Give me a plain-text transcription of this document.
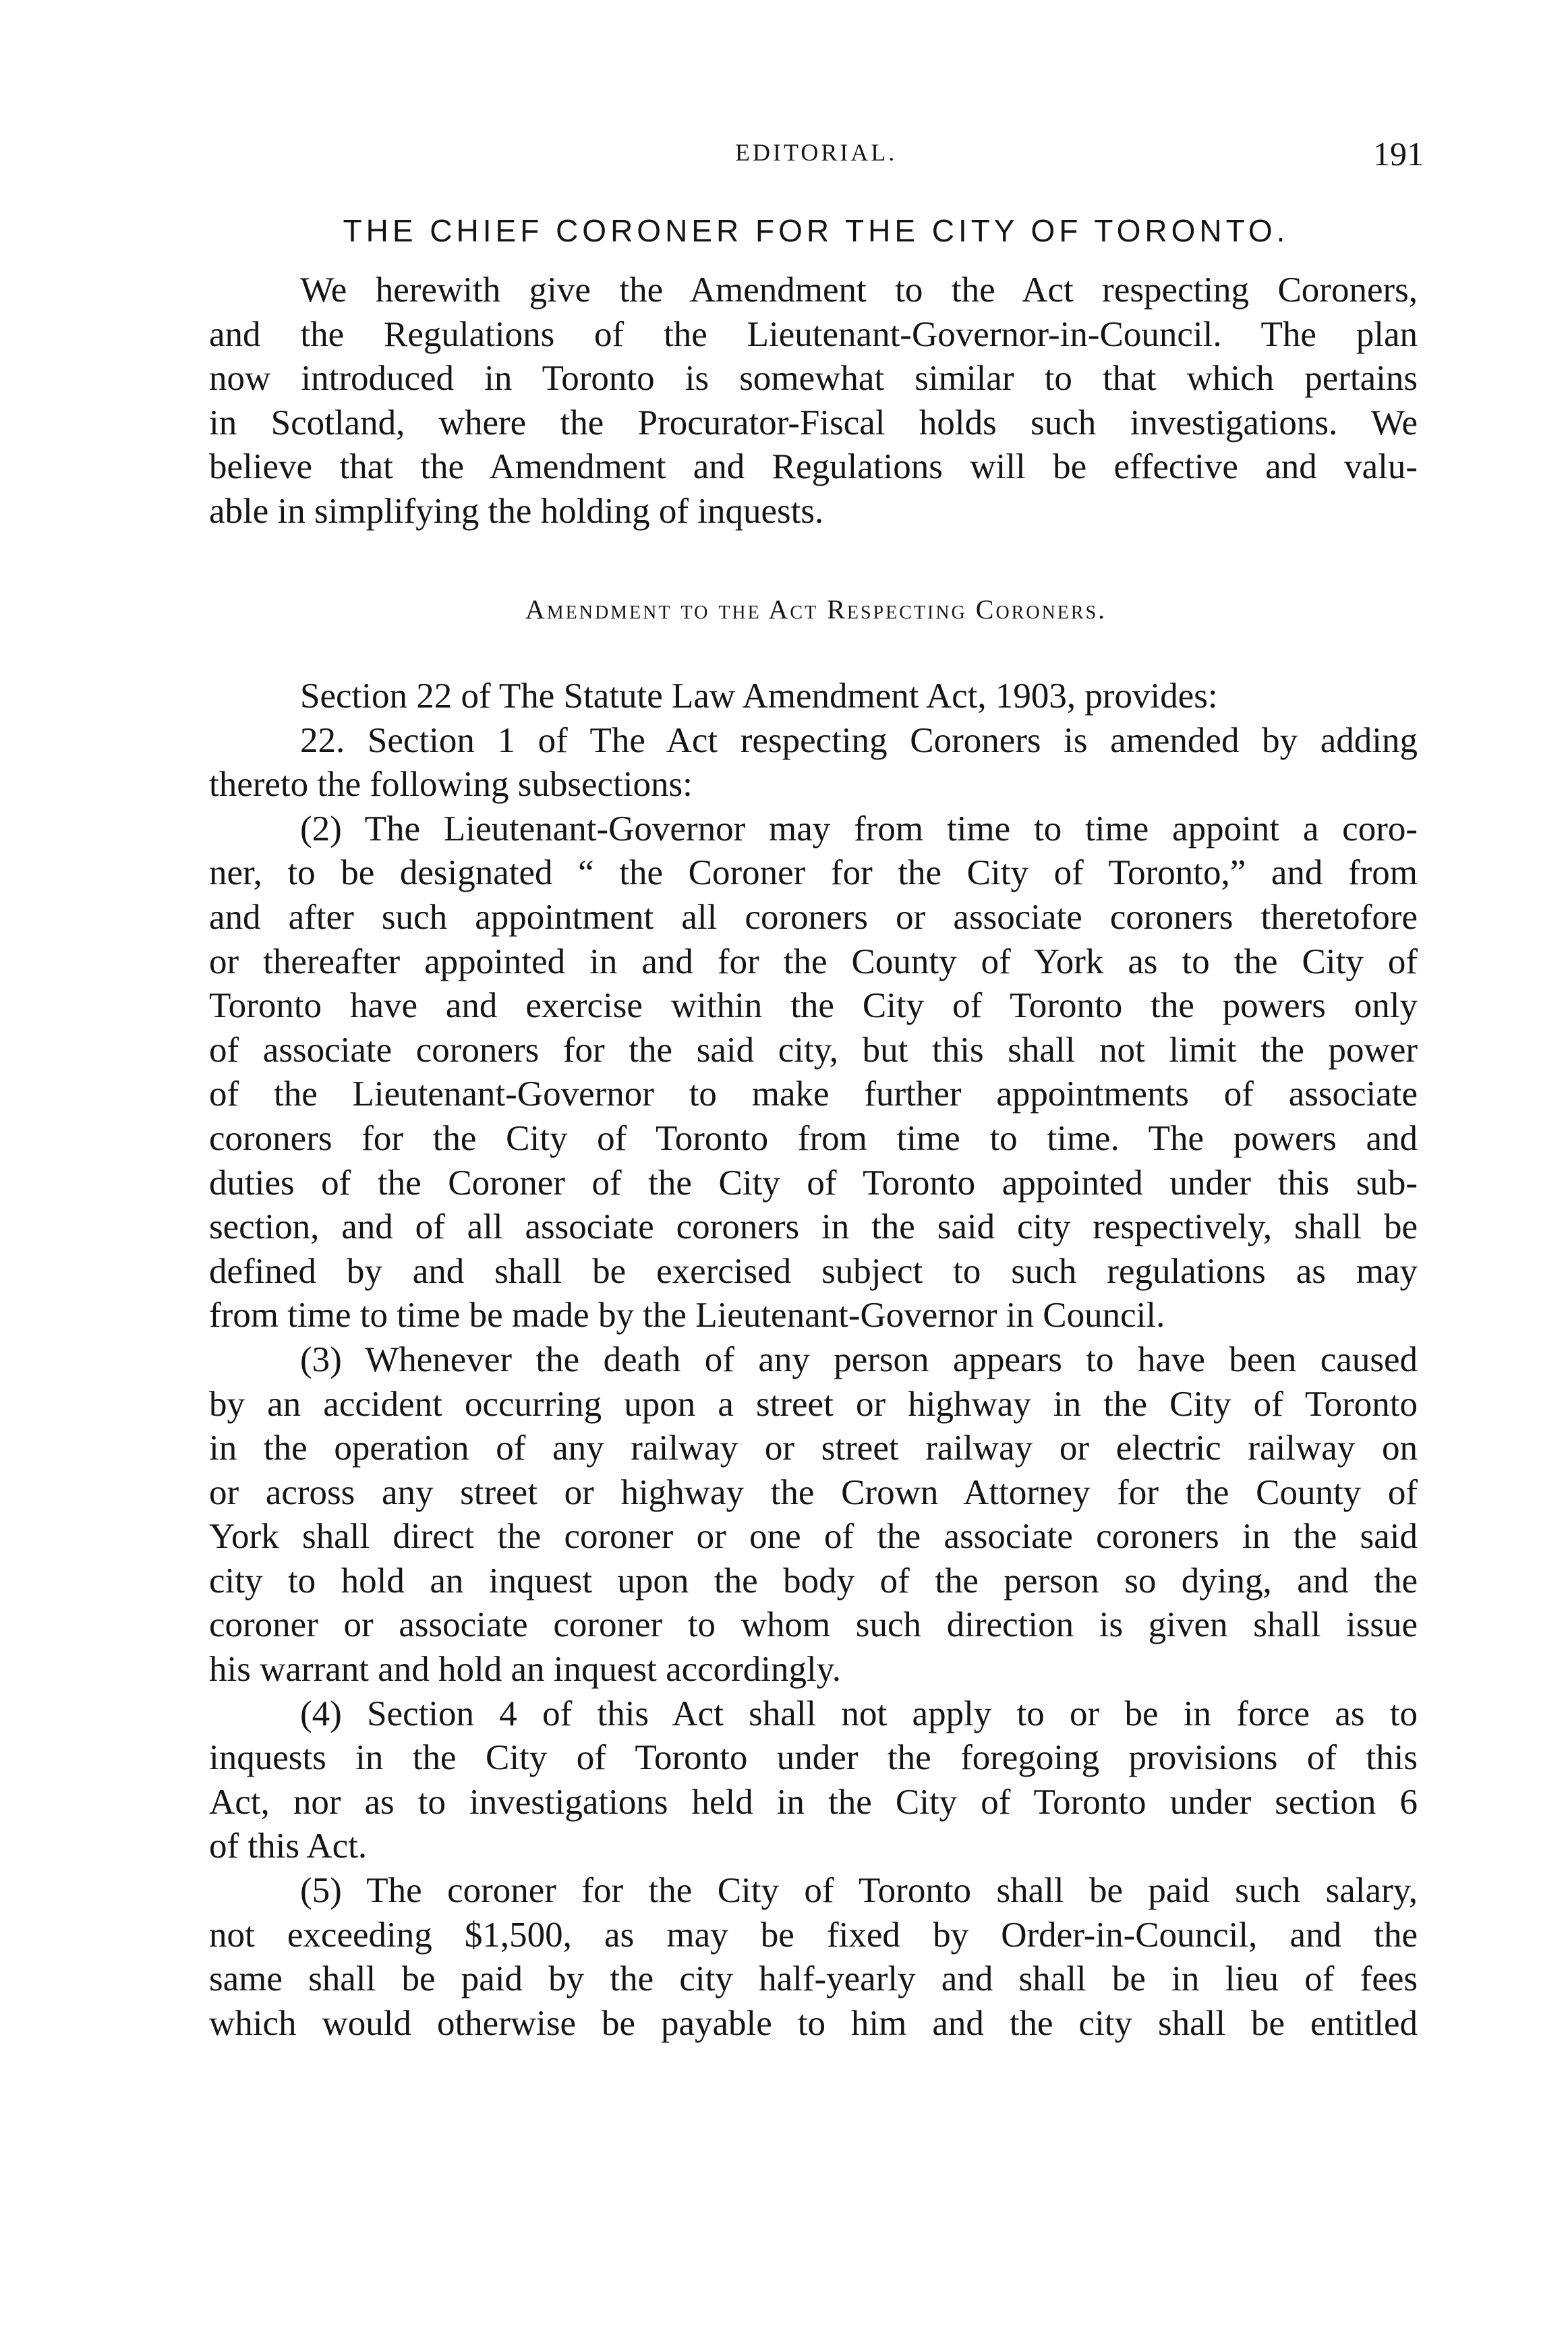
EDITORIAL.	191
THE CHIEF CORONER FOR THE CITY OF TORONTO.
We herewith give the Amendment to the Act respecting Coroners,
and the Regulations of the Lieutenant-Governor-in-Council. The plan
now introduced in Toronto is somewhat similar to that which pertains
in Scotland, where the Procurator-Fiscal holds such investigations. We
believe that the Amendment and Regulations will be effective and valu-
able in simplifying the holding of inquests.
Amendment to the Act Respecting Coroners.
Section 22 of The Statute Law Amendment Act, 1903, provides:
22. Section 1 of The Act respecting Coroners is amended by adding
thereto the following subsections:
(2) The Lieutenant-Governor may from time to time appoint a coro-
ner, to be designated “ the Coroner for the City of Toronto,” and from
and after such appointment all coroners or associate coroners theretofore
or thereafter appointed in and for the County of York as to the City of
Toronto have and exercise within the City of Toronto the powers only
of associate coroners for the said city, but this shall not limit the power
of the Lieutenant-Governor to make further appointments of associate
coroners for the City of Toronto from time to time. The powers and
duties of the Coroner of the City of Toronto appointed under this sub-
section, and of all associate coroners in the said city respectively, shall be
defined by and shall be exercised subject to such regulations as may
from time to time be made by the Lieutenant-Governor in Council.
(3) Whenever the death of any person appears to have been caused
by an accident occurring upon a street or highway in the City of Toronto
in the operation of any railway or street railway or electric railway on
or across any street or highway the Crown Attorney for the County of
York shall direct the coroner or one of the associate coroners in the said
city to hold an inquest upon the body of the person so dying, and the
coroner or associate coroner to whom such direction is given shall issue
his warrant and hold an inquest accordingly.
(4) Section 4 of this Act shall not apply to or be in force as to
inquests in the City of Toronto under the foregoing provisions of this
Act, nor as to investigations held in the City of Toronto under section 6
of this Act.
(5) The coroner for the City of Toronto shall be paid such salary,
not exceeding $1,500, as may be fixed by Order-in-Council, and the
same shall be paid by the city half-yearly and shall be in lieu of fees
which would otherwise be payable to him and the city shall be entitled
